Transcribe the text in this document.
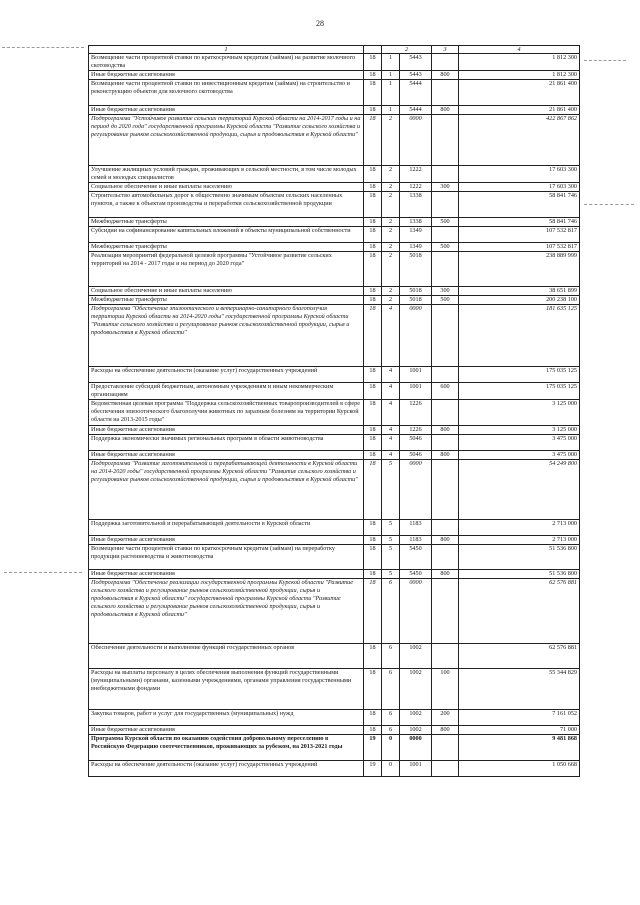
28
1		2		3	4
Возмещение части процентной ставки по краткосрочным кредитам (займам) на развитие молочного скотоводства	18	1	5443		1 812 300
Иные бюджетные ассигнования	18	1	5443	800	1 812 300
Возмещение части процентной ставки по инвестиционным кредитам (займам) на строительство и реконструкцию объектов для молочного скотоводства	18	1	5444		21 861 400
Иные бюджетные ассигнования	18	1	5444	800	21 861 400
Подпрограмма "Устойчивое развитие сельских территорий Курской области на 2014-2017 годы и на период до 2020 года" государственной программы Курской области "Развитие сельского хозяйства и регулирование рынков сельскохозяйственной продукции, сырья и продовольствия в Курской области"	18	2	0000		422 867 862
Улучшение жилищных условий граждан, проживающих в сельской местности, в том числе молодых семей и молодых специалистов	18	2	1222		17 603 300
Социальное обеспечение и иные выплаты населению	18	2	1222	300	17 603 300
Строительство автомобильных дорог к общественно значимым объектам сельских населенных пунктов, а также к объектам производства и переработки сельскохозяйственной продукции	18	2	1338		58 841 746
Межбюджетные трансферты	18	2	1338	500	58 841 746
Субсидии на софинансирование капитальных вложений в объекты муниципальной собственности	18	2	1349		107 532 817
Межбюджетные трансферты	18	2	1349	500	107 532 817
Реализация мероприятий федеральной целевой программы "Устойчивое развитие сельских территорий на 2014 - 2017 годы и на период до 2020 года"	18	2	5018		238 889 999
Социальное обеспечение и иные выплаты населению	18	2	5018	300	38 651 899
Межбюджетные трансферты	18	2	5018	500	200 238 100
Подпрограмма "Обеспечение эпизоотического и ветеринарно-санитарного благополучия территории Курской области на 2014-2020 годы" государственной программы Курской области "Развитие сельского хозяйства и регулирование рынков сельскохозяйственной продукции, сырья и продовольствия в Курской области"	18	4	0000		181 635 125
Расходы на обеспечение деятельности (оказание услуг) государственных учреждений	18	4	1001		175 035 125
Предоставление субсидий бюджетным, автономным учреждениям и иным некоммерческим организациям	18	4	1001	600	175 035 125
Ведомственная целевая программа "Поддержка сельскохозяйственных товаропроизводителей в сфере обеспечения эпизоотического благополучия животных по заразным болезням на территории Курской области на 2013-2015 годы"	18	4	1226		3 125 000
Иные бюджетные ассигнования	18	4	1226	800	3 125 000
Поддержка экономически значимых региональных программ в области животноводства	18	4	5046		3 475 000
Иные бюджетные ассигнования	18	4	5046	800	3 475 000
Подпрограмма "Развитие заготовительной и перерабатывающей деятельности в Курской области на 2014-2020 годы" государственной программы Курской области "Развитие сельского хозяйства и регулирование рынков сельскохозяйственной продукции, сырья и продовольствия в Курской области"	18	5	0000		54 249 800
Поддержка заготовительной и перерабатывающей деятельности в Курской области	18	5	1183		2 713 000
Иные бюджетные ассигнования	18	5	1183	800	2 713 000
Возмещение части процентной ставки по краткосрочным кредитам (займам) на переработку продукции растениеводства и животноводства	18	5	5450		51 536 800
Иные бюджетные ассигнования	18	5	5450	800	51 536 800
Подпрограмма "Обеспечение реализации государственной программы Курской области "Развитие сельского хозяйства и регулирование рынков сельскохозяйственной продукции, сырья и продовольствия в Курской области" государственной программы Курской области "Развитие сельского хозяйства и регулирование рынков сельскохозяйственной продукции, сырья и продовольствия в Курской области"	18	6	0000		62 576 881
Обеспечение деятельности и выполнение функций государственных органов	18	6	1002		62 576 881
Расходы на выплаты персоналу в целях обеспечения выполнения функций государственными (муниципальными) органами, казенными учреждениями, органами управления государственными внебюджетными фондами	18	6	1002	100	55 344 829
Закупка товаров, работ и услуг для государственных (муниципальных) нужд	18	6	1002	200	7 161 052
Иные бюджетные ассигнования	18	6	1002	800	71 000
Программа Курской области по оказанию содействия добровольному переселению в Российскую Федерацию соотечественников, проживающих за рубежом, на 2013-2021 годы	19	0	0000		9 481 868
Расходы на обеспечение деятельности (оказание услуг) государственных учреждений	19	0	1001		1 050 668
